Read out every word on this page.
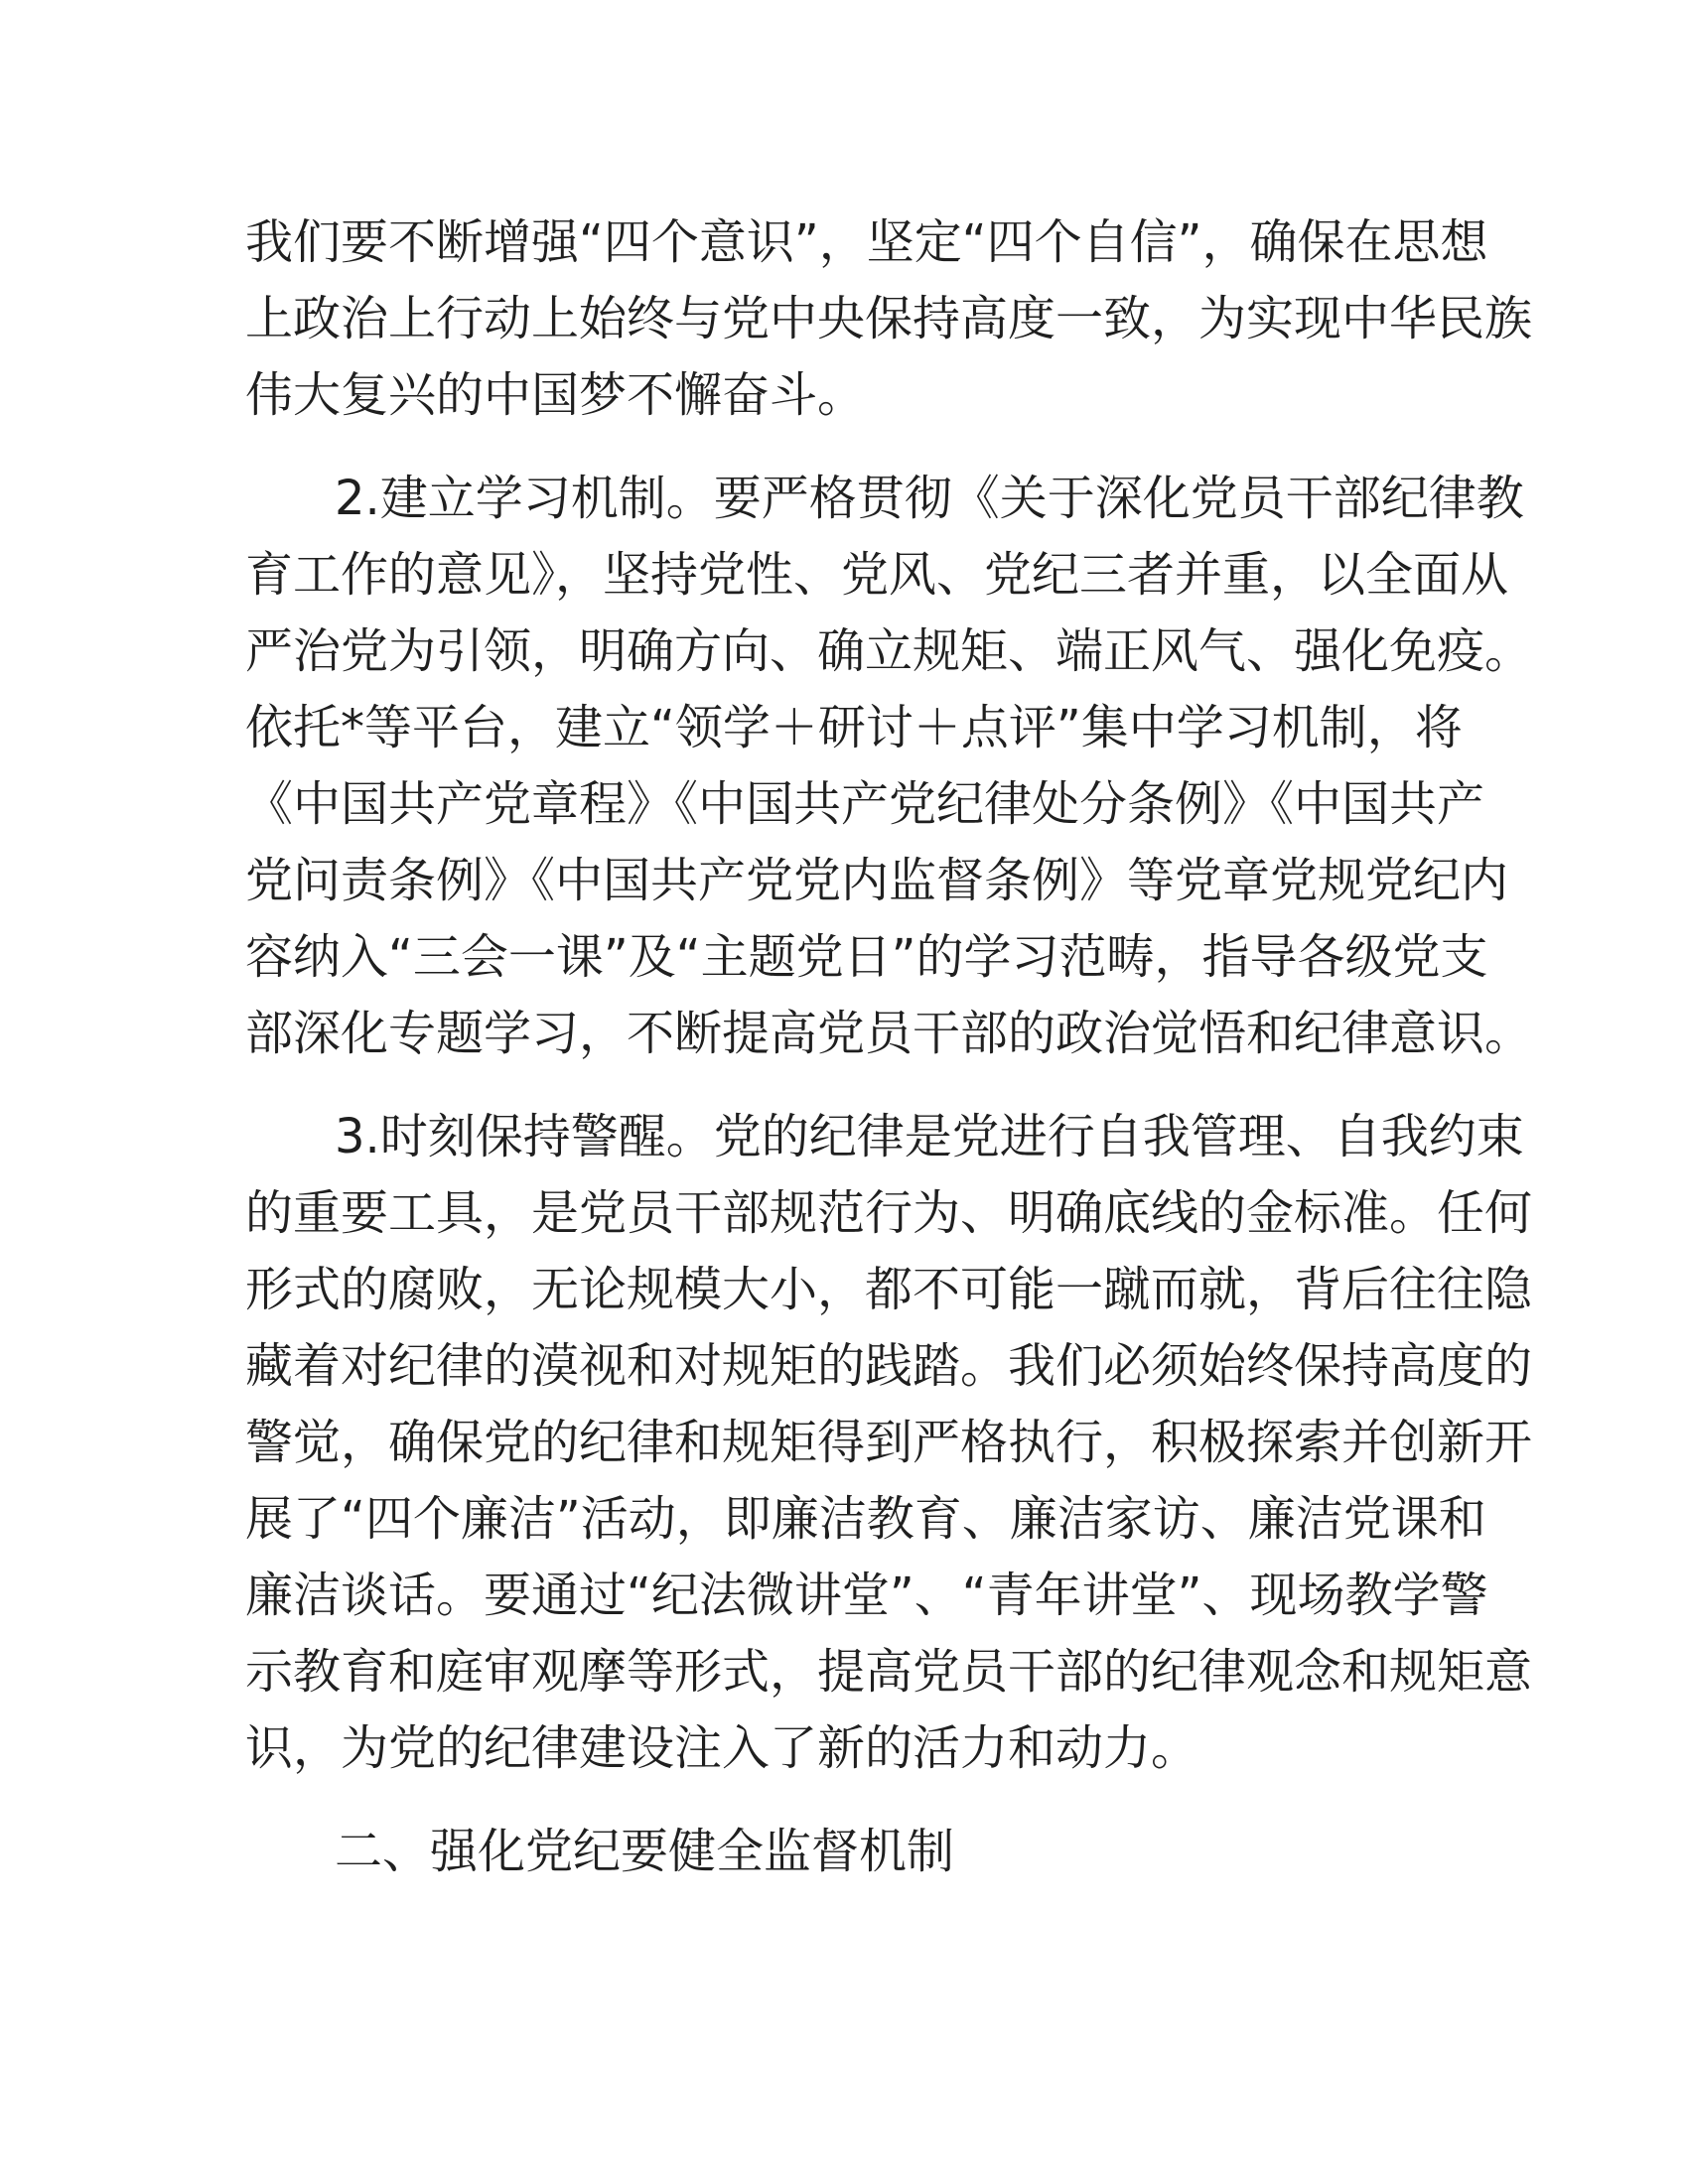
我们要不断增强“四个意识”，坚定“四个自信”，确保在思想
上政治上行动上始终与党中央保持高度一致，为实现中华民族
伟大复兴的中国梦不懈奋斗。
2.建立学习机制。要严格贯彻《关于深化党员干部纪律教
育工作的意见》，坚持党性、党风、党纪三者并重，以全面从
严治党为引领，明确方向、确立规矩、端正风气、强化免疫。
依托*等平台，建立“领学＋研讨＋点评”集中学习机制，将
《中国共产党章程》《中国共产党纪律处分条例》《中国共产
党问责条例》《中国共产党党内监督条例》等党章党规党纪内
容纳入“三会一课”及“主题党日”的学习范畴，指导各级党支
部深化专题学习，不断提高党员干部的政治觉悟和纪律意识。
3.时刻保持警醒。党的纪律是党进行自我管理、自我约束
的重要工具，是党员干部规范行为、明确底线的金标准。任何
形式的腐败，无论规模大小，都不可能一蹴而就，背后往往隐
藏着对纪律的漠视和对规矩的践踏。我们必须始终保持高度的
警觉，确保党的纪律和规矩得到严格执行，积极探索并创新开
展了“四个廉洁”活动，即廉洁教育、廉洁家访、廉洁党课和
廉洁谈话。要通过“纪法微讲堂”、“青年讲堂”、现场教学警
示教育和庭审观摩等形式，提高党员干部的纪律观念和规矩意
识，为党的纪律建设注入了新的活力和动力。
二、强化党纪要健全监督机制
